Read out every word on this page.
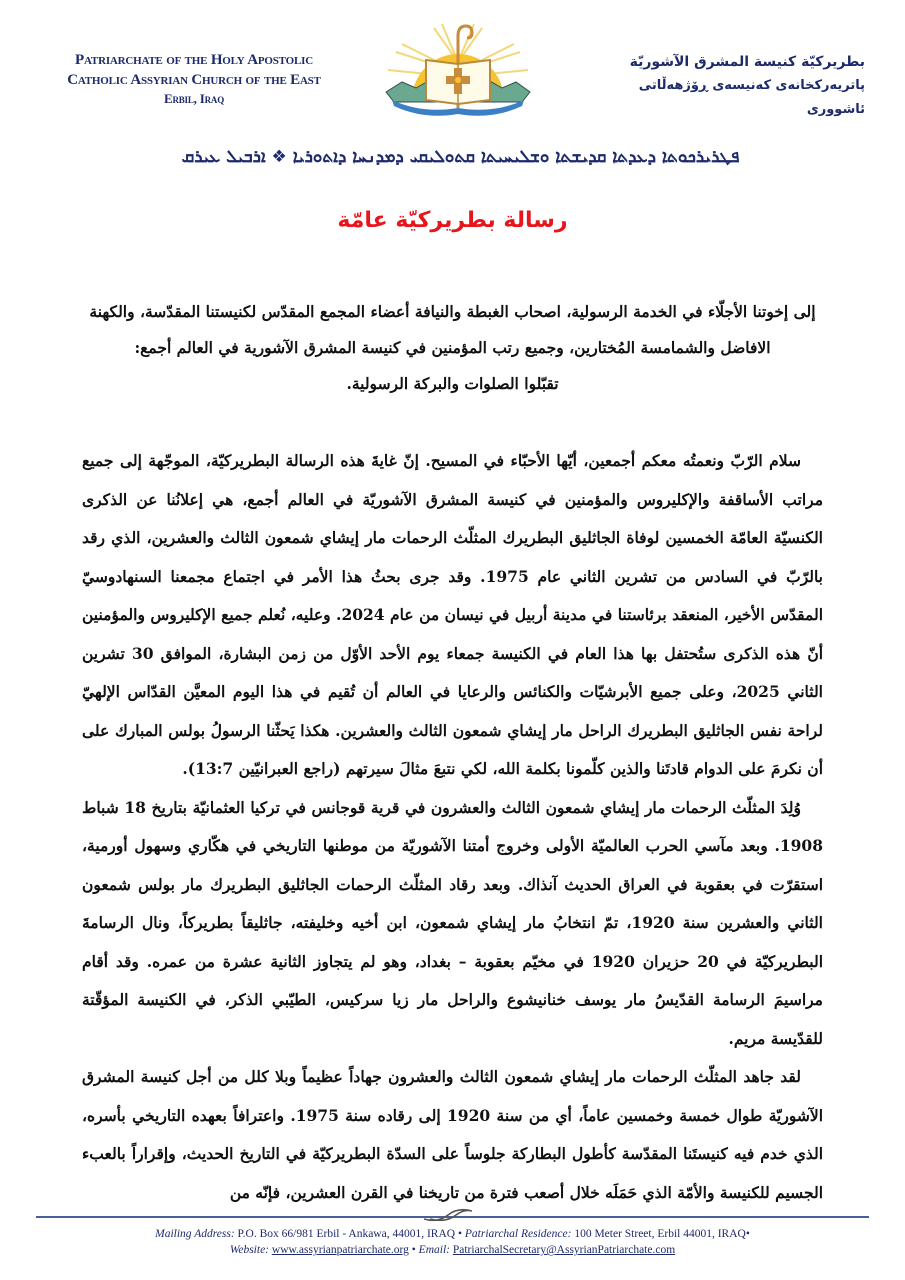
Patriarchate of the Holy Apostolic
Catholic Assyrian Church of the East
Erbil, Iraq
بطريركيّة كنيسة المشرق الآشوريّة
پاتریەرکخانەی کەنیسەی ڕۆژهەڵاتی ئاشووری
ܦܛܪܝܪܟܘܬܐ ܕܥܕܬܐ ܩܕܝܫܬܐ ܘܫܠܝܚܝܬܐ ܩܬܘܠܝܩܝ ܕܡܕܢܚܐ ܕܐܬܘܪܝܐ ❖ ܐܪܒܝܠ ܥܝܪܩ
رسالة بطريركيّة عامّة

إلى إخوتنا الأجلّاء في الخدمة الرسولية، اصحاب الغبطة والنيافة أعضاء المجمع المقدّس لكنيستنا المقدّسة، والكهنة

الافاضل والشمامسة المُختارين، وجميع رتب المؤمنين في كنيسة المشرق الآشورية في العالم أجمع:

تقبّلوا الصلوات والبركة الرسولية.

سلام الرّبّ ونعمتُه معكم أجمعين، أيّها الأحبّاء في المسيح. إنّ غايةَ هذه الرسالة البطريركيّة، الموجّهة إلى جميع مراتب الأساقفة والإكليروس والمؤمنين في كنيسة المشرق الآشوريّة في العالم أجمع، هي إعلانُنا عن الذكرى الكنسيّة العامّة الخمسين لوفاة الجاثليق البطريرك المثلّث الرحمات مار إيشاي شمعون الثالث والعشرين، الذي رقد بالرّبّ في السادس من تشرين الثاني عام 1975. وقد جرى بحثُ هذا الأمر في اجتماع مجمعنا السنهادوسيّ المقدّس الأخير، المنعقد برئاستنا في مدينة أربيل في نيسان من عام 2024. وعليه، نُعلم جميع الإكليروس والمؤمنين أنّ هذه الذكرى ستُحتفل بها هذا العام في الكنيسة جمعاء يوم الأحد الأوّل من زمن البشارة، الموافق 30 تشرين الثاني 2025، وعلى جميع الأبرشيّات والكنائس والرعايا في العالم أن تُقيم في هذا اليوم المعيَّن القدّاس الإلهيّ لراحة نفس الجاثليق البطريرك الراحل مار إيشاي شمعون الثالث والعشرين. هكذا يَحثّنا الرسولُ بولس المبارك على أن نكرمَ على الدوام قادتَنا والذين كلّمونا بكلمة الله، لكي نتبعَ مثالَ سيرتهم (راجع العبرانيّين 13:7).

وُلِدَ المثلّث الرحمات مار إيشاي شمعون الثالث والعشرون في قرية قوجانس في تركيا العثمانيّة بتاريخ 18 شباط 1908. وبعد مآسي الحرب العالميّة الأولى وخروج أمتنا الآشوريّة من موطنها التاريخي في هكّاري وسهول أورمية، استقرّت في بعقوبة في العراق الحديث آنذاك. وبعد رقاد المثلّث الرحمات الجاثليق البطريرك مار بولس شمعون الثاني والعشرين سنة 1920، تمّ انتخابُ مار إيشاي شمعون، ابن أخيه وخليفته، جاثليقاً بطريركاً، ونال الرسامةَ البطريركيّة في 20 حزيران 1920 في مخيّم بعقوبة – بغداد، وهو لم يتجاوز الثانية عشرة من عمره. وقد أقام مراسيمَ الرسامة القدّيسُ مار يوسف خنانيشوع والراحل مار زيا سركيس، الطيّبي الذكر، في الكنيسة المؤقّتة للقدّيسة مريم.

لقد جاهد المثلّث الرحمات مار إيشاي شمعون الثالث والعشرون جهاداً عظيماً وبلا كلل من أجل كنيسة المشرق الآشوريّة طوال خمسة وخمسين عاماً، أي من سنة 1920 إلى رقاده سنة 1975. واعترافاً بعهده التاريخي بأسره، الذي خدم فيه كنيستَنا المقدّسة كأطول البطاركة جلوساً على السدّة البطريركيّة في التاريخ الحديث، وإقراراً بالعبء الجسيم للكنيسة والأمّة الذي حَمَلَه خلال أصعب فترة من تاريخنا في القرن العشرين، فإنّه من

Mailing Address: P.O. Box 66/981 Erbil - Ankawa, 44001, IRAQ • Patriarchal Residence: 100 Meter Street, Erbil 44001, IRAQ•
Website: www.assyrianpatriarchate.org • Email: PatriarchalSecretary@AssyrianPatriarchate.com
